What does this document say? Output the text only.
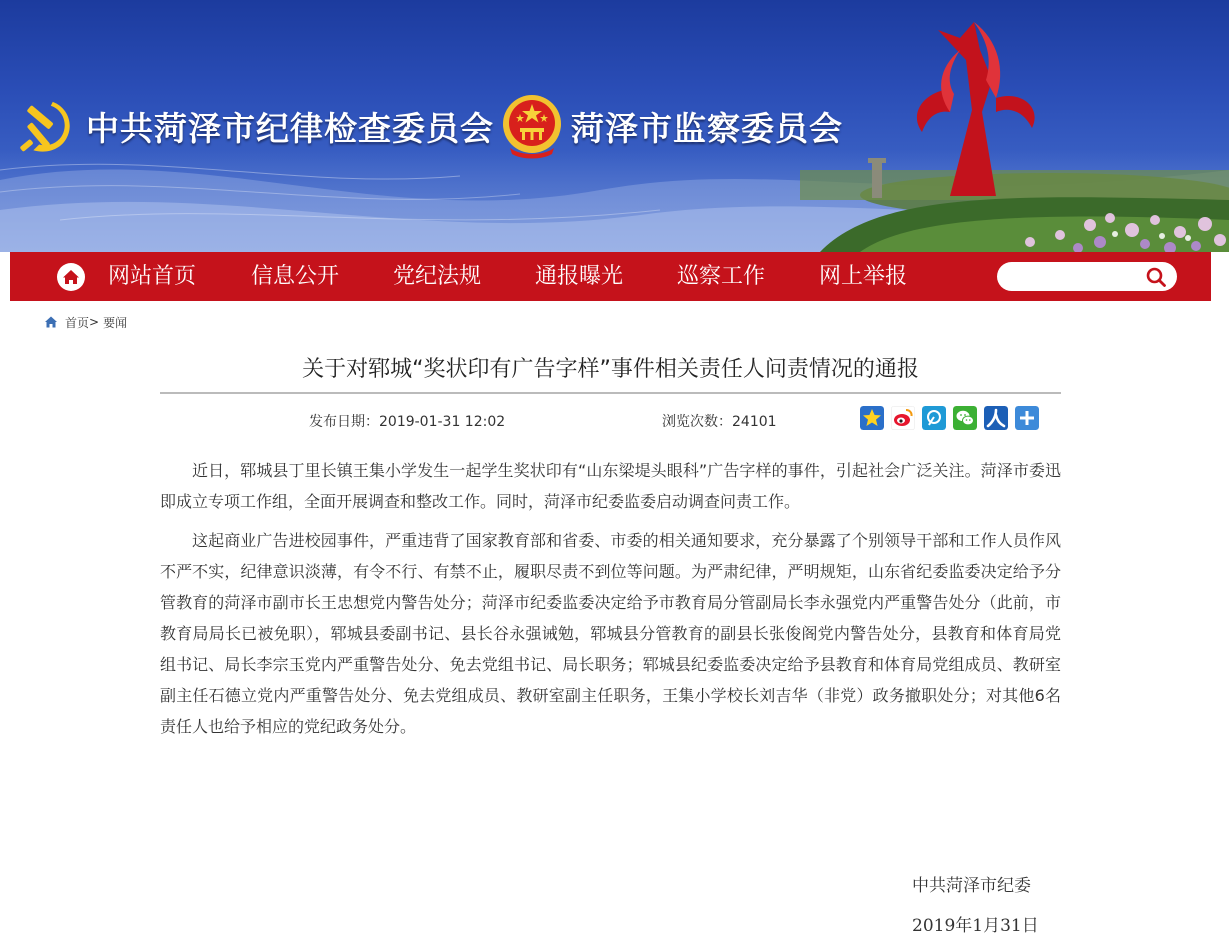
中共菏泽市纪律检查委员会 菏泽市监察委员会
网站首页 信息公开 党纪法规 通报曝光 巡察工作 网上举报
首页 > 要闻
关于对郓城“奖状印有广告字样”事件相关责任人问责情况的通报
发布日期：2019-01-31 12:02	浏览次数：24101

近日，郓城县丁里长镇王集小学发生一起学生奖状印有“山东梁堤头眼科”广告字样的事件，引起社会广泛关注。菏泽市委迅即成立专项工作组，全面开展调查和整改工作。同时，菏泽市纪委监委启动调查问责工作。

这起商业广告进校园事件，严重违背了国家教育部和省委、市委的相关通知要求，充分暴露了个别领导干部和工作人员作风不严不实，纪律意识淡薄，有令不行、有禁不止，履职尽责不到位等问题。为严肃纪律，严明规矩，山东省纪委监委决定给予分管教育的菏泽市副市长王忠想党内警告处分；菏泽市纪委监委决定给予市教育局分管副局长李永强党内严重警告处分（此前，市教育局局长已被免职），郓城县委副书记、县长谷永强诫勉，郓城县分管教育的副县长张俊阁党内警告处分，县教育和体育局党组书记、局长李宗玉党内严重警告处分、免去党组书记、局长职务；郓城县纪委监委决定给予县教育和体育局党组成员、教研室副主任石德立党内严重警告处分、免去党组成员、教研室副主任职务，王集小学校长刘吉华（非党）政务撤职处分；对其他6名责任人也给予相应的党纪政务处分。

中共菏泽市纪委
2019年1月31日
